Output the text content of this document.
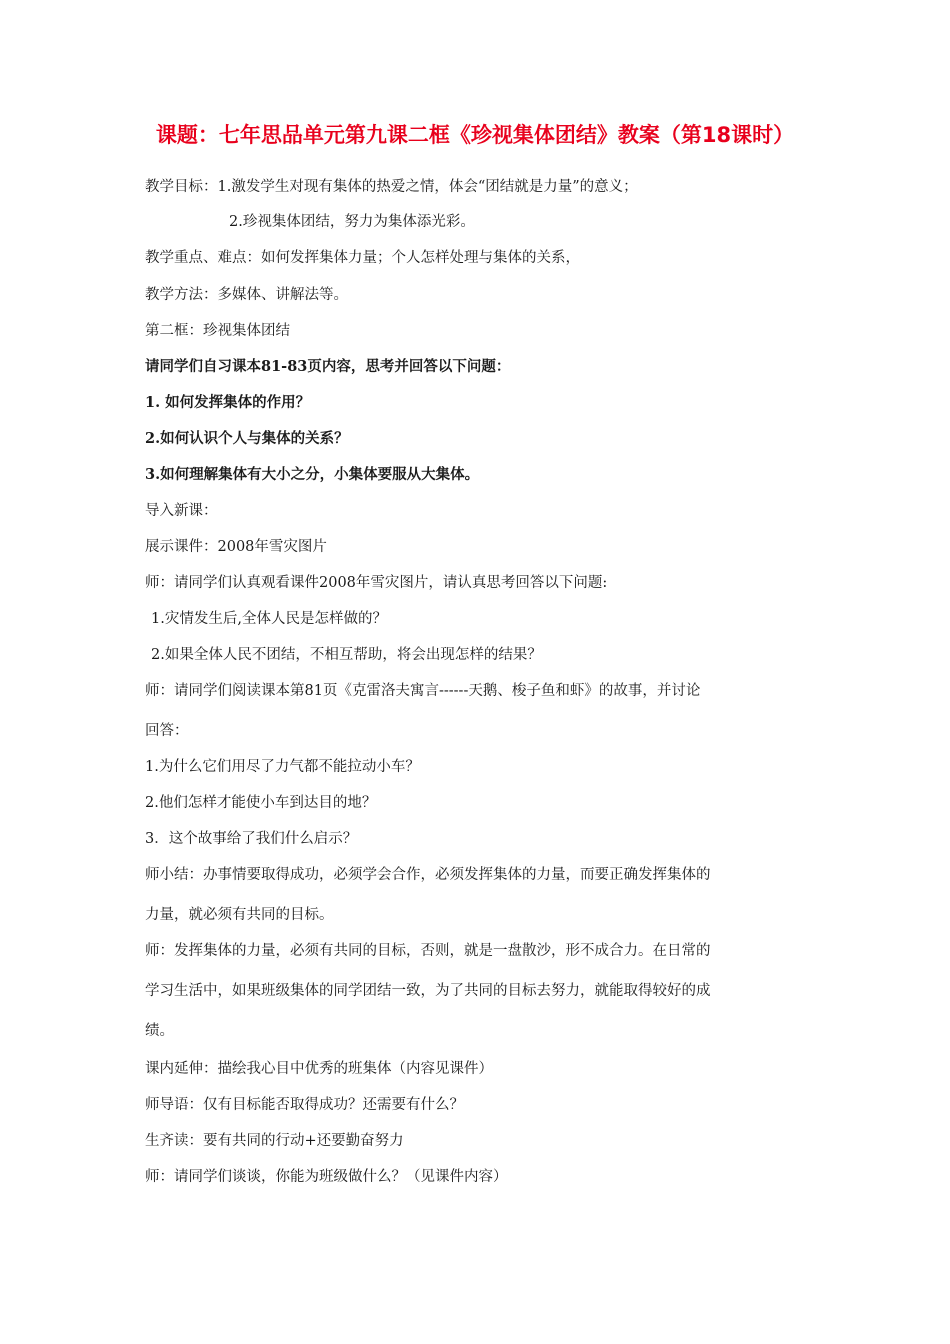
课题：七年思品单元第九课二框《珍视集体团结》教案（第18课时）
教学目标：1.激发学生对现有集体的热爱之情，体会“团结就是力量”的意义；
2.珍视集体团结，努力为集体添光彩。
教学重点、难点：如何发挥集体力量；个人怎样处理与集体的关系，
教学方法：多媒体、讲解法等。
第二框：珍视集体团结
请同学们自习课本81-83页内容，思考并回答以下问题：
1. 如何发挥集体的作用？
2.如何认识个人与集体的关系？
3.如何理解集体有大小之分，小集体要服从大集体。
导入新课：
展示课件：2008年雪灾图片
师：请同学们认真观看课件2008年雪灾图片，请认真思考回答以下问题:
1.灾情发生后,全体人民是怎样做的？
2.如果全体人民不团结，不相互帮助，将会出现怎样的结果？
师：请同学们阅读课本第81页《克雷洛夫寓言------天鹅、梭子鱼和虾》的故事，并讨论
回答：
1.为什么它们用尽了力气都不能拉动小车？
2.他们怎样才能使小车到达目的地？
3．这个故事给了我们什么启示？
师小结：办事情要取得成功，必须学会合作，必须发挥集体的力量，而要正确发挥集体的
力量，就必须有共同的目标。
师：发挥集体的力量，必须有共同的目标，否则，就是一盘散沙，形不成合力。在日常的
学习生活中，如果班级集体的同学团结一致，为了共同的目标去努力，就能取得较好的成
绩。
课内延伸：描绘我心目中优秀的班集体（内容见课件）
师导语：仅有目标能否取得成功？还需要有什么？
生齐读：要有共同的行动+还要勤奋努力
师：请同学们谈谈，你能为班级做什么？（见课件内容）
